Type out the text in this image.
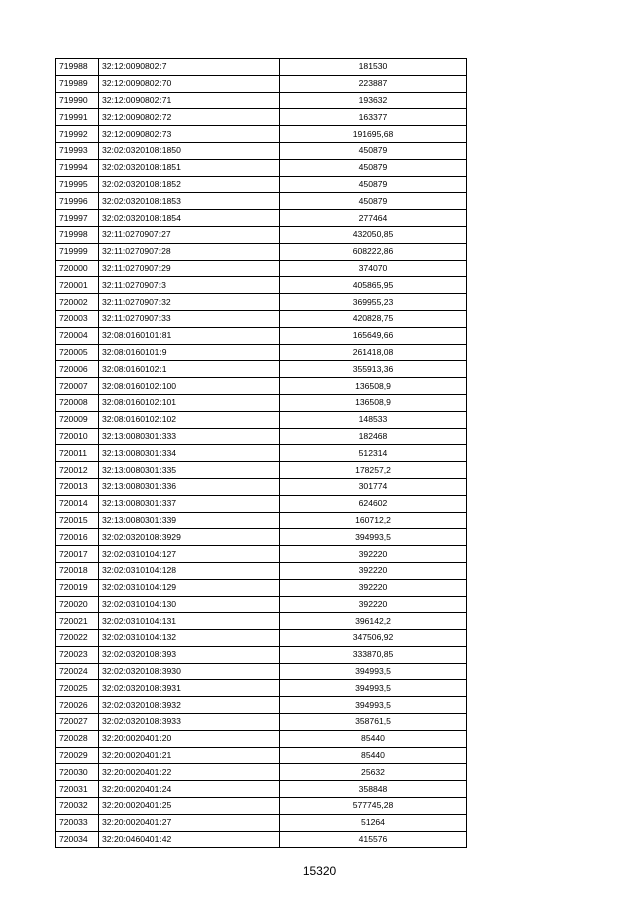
719988	32:12:0090802:7	181530
719989	32:12:0090802:70	223887
719990	32:12:0090802:71	193632
719991	32:12:0090802:72	163377
719992	32:12:0090802:73	191695,68
719993	32:02:0320108:1850	450879
719994	32:02:0320108:1851	450879
719995	32:02:0320108:1852	450879
719996	32:02:0320108:1853	450879
719997	32:02:0320108:1854	277464
719998	32:11:0270907:27	432050,85
719999	32:11:0270907:28	608222,86
720000	32:11:0270907:29	374070
720001	32:11:0270907:3	405865,95
720002	32:11:0270907:32	369955,23
720003	32:11:0270907:33	420828,75
720004	32:08:0160101:81	165649,66
720005	32:08:0160101:9	261418,08
720006	32:08:0160102:1	355913,36
720007	32:08:0160102:100	136508,9
720008	32:08:0160102:101	136508,9
720009	32:08:0160102:102	148533
720010	32:13:0080301:333	182468
720011	32:13:0080301:334	512314
720012	32:13:0080301:335	178257,2
720013	32:13:0080301:336	301774
720014	32:13:0080301:337	624602
720015	32:13:0080301:339	160712,2
720016	32:02:0320108:3929	394993,5
720017	32:02:0310104:127	392220
720018	32:02:0310104:128	392220
720019	32:02:0310104:129	392220
720020	32:02:0310104:130	392220
720021	32:02:0310104:131	396142,2
720022	32:02:0310104:132	347506,92
720023	32:02:0320108:393	333870,85
720024	32:02:0320108:3930	394993,5
720025	32:02:0320108:3931	394993,5
720026	32:02:0320108:3932	394993,5
720027	32:02:0320108:3933	358761,5
720028	32:20:0020401:20	85440
720029	32:20:0020401:21	85440
720030	32:20:0020401:22	25632
720031	32:20:0020401:24	358848
720032	32:20:0020401:25	577745,28
720033	32:20:0020401:27	51264
720034	32:20:0460401:42	415576
15320
